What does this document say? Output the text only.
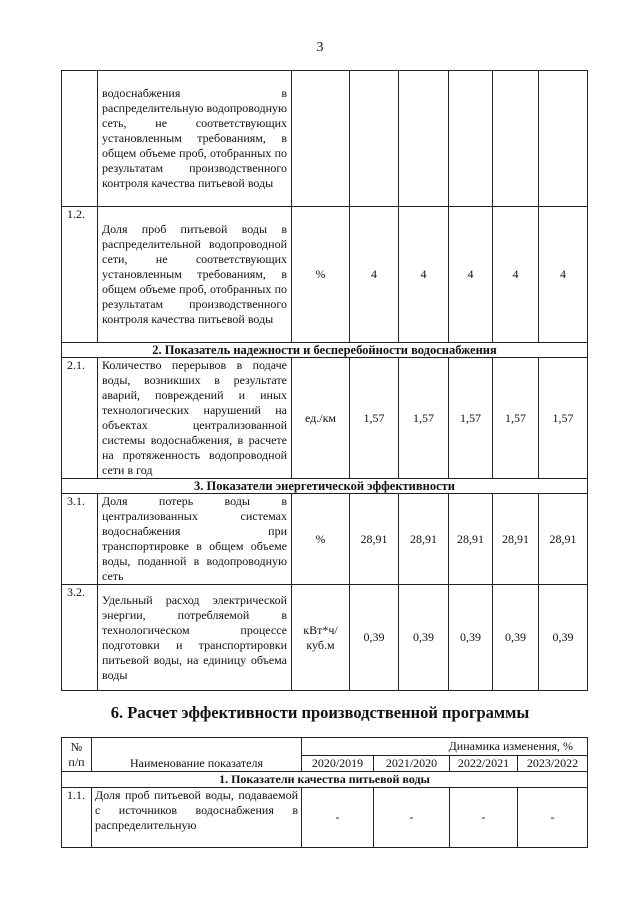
3
	водоснабжения в распределительную водопроводную сеть, не соответствующих установленным требованиям, в общем объеме проб, отобранных по результатам производственного контроля качества питьевой воды						
1.2.	Доля проб питьевой воды в распределительной водопроводной сети, не соответствующих установленным требованиям, в общем объеме проб, отобранных по результатам производственного контроля качества питьевой воды	%	4	4	4	4	4
2. Показатель надежности и бесперебойности водоснабжения							
2.1.	Количество перерывов в подаче воды, возникших в результате аварий, повреждений и иных технологических нарушений на объектах централизованной системы водоснабжения, в расчете на протяженность водопроводной сети в год	ед./км	1,57	1,57	1,57	1,57	1,57
3. Показатели энергетической эффективности							
3.1.	Доля потерь воды в централизованных системах водоснабжения при транспортировке в общем объеме воды, поданной в водопроводную сеть	%	28,91	28,91	28,91	28,91	28,91
3.2.	Удельный расход электрической энергии, потребляемой в технологическом процессе подготовки и транспортировки питьевой воды, на единицу объема воды	кВт*ч/ куб.м	0,39	0,39	0,39	0,39	0,39
6. Расчет эффективности производственной программы
№ п/п	Наименование показателя	Динамика изменения, %			
		2020/2019	2021/2020	2022/2021	2023/2022
1. Показатели качества питьевой воды					
1.1.	Доля проб питьевой воды, подаваемой с источников водоснабжения в распределительную	-	-	-	-
